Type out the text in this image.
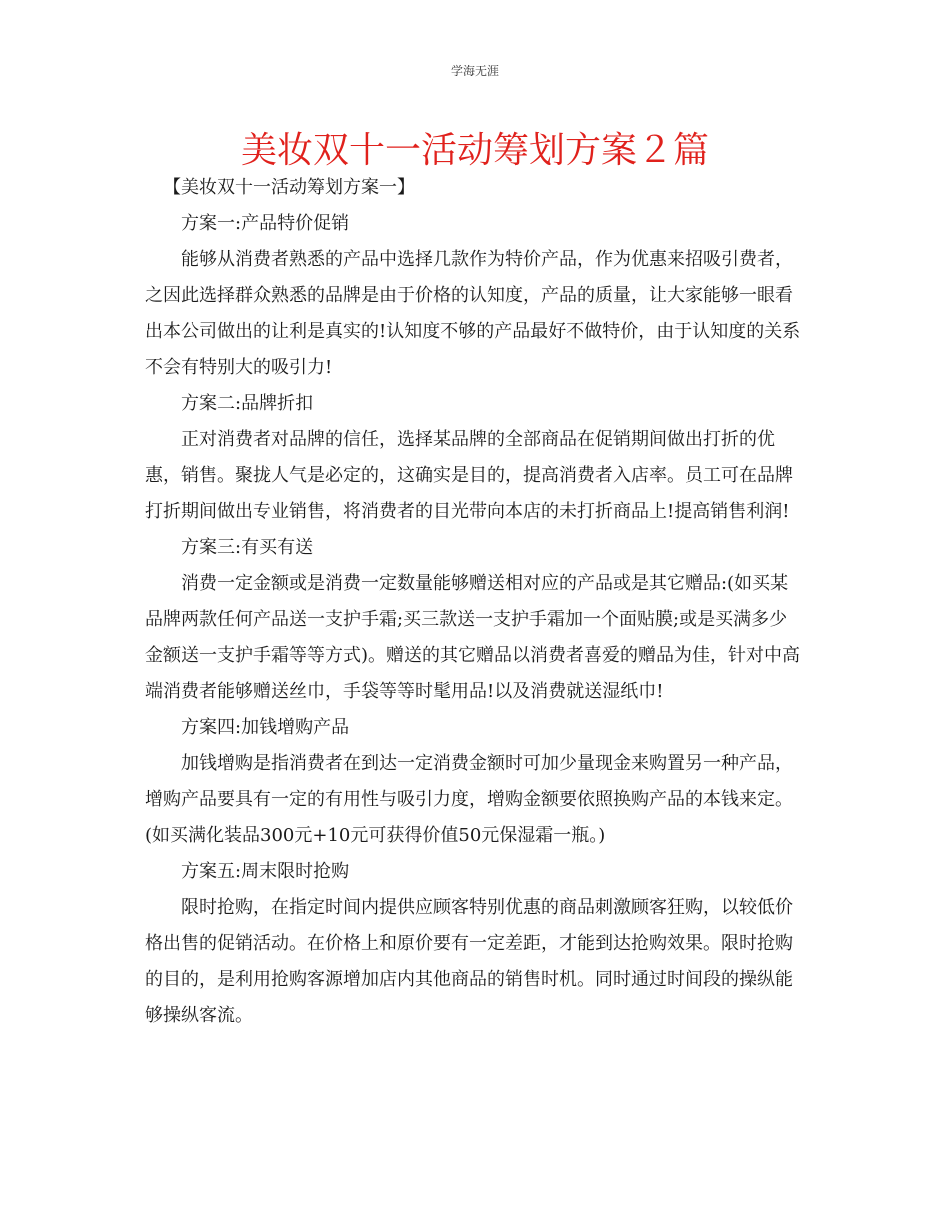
学海无涯
美妆双十一活动筹划方案２篇

【美妆双十一活动筹划方案一】

方案一:产品特价促销

能够从消费者熟悉的产品中选择几款作为特价产品，作为优惠来招吸引费者，之因此选择群众熟悉的品牌是由于价格的认知度，产品的质量，让大家能够一眼看出本公司做出的让利是真实的!认知度不够的产品最好不做特价，由于认知度的关系不会有特别大的吸引力!

方案二:品牌折扣

正对消费者对品牌的信任，选择某品牌的全部商品在促销期间做出打折的优惠，销售。聚拢人气是必定的，这确实是目的，提高消费者入店率。员工可在品牌打折期间做出专业销售，将消费者的目光带向本店的未打折商品上!提高销售利润!

方案三:有买有送

消费一定金额或是消费一定数量能够赠送相对应的产品或是其它赠品:(如买某品牌两款任何产品送一支护手霜;买三款送一支护手霜加一个面贴膜;或是买满多少金额送一支护手霜等等方式)。赠送的其它赠品以消费者喜爱的赠品为佳，针对中高端消费者能够赠送丝巾，手袋等等时髦用品!以及消费就送湿纸巾!

方案四:加钱增购产品

加钱增购是指消费者在到达一定消费金额时可加少量现金来购置另一种产品，增购产品要具有一定的有用性与吸引力度，增购金额要依照换购产品的本钱来定。(如买满化装品300元+10元可获得价值50元保湿霜一瓶。)

方案五:周末限时抢购

限时抢购，在指定时间内提供应顾客特别优惠的商品刺激顾客狂购，以较低价格出售的促销活动。在价格上和原价要有一定差距，才能到达抢购效果。限时抢购的目的，是利用抢购客源增加店内其他商品的销售时机。同时通过时间段的操纵能够操纵客流。
